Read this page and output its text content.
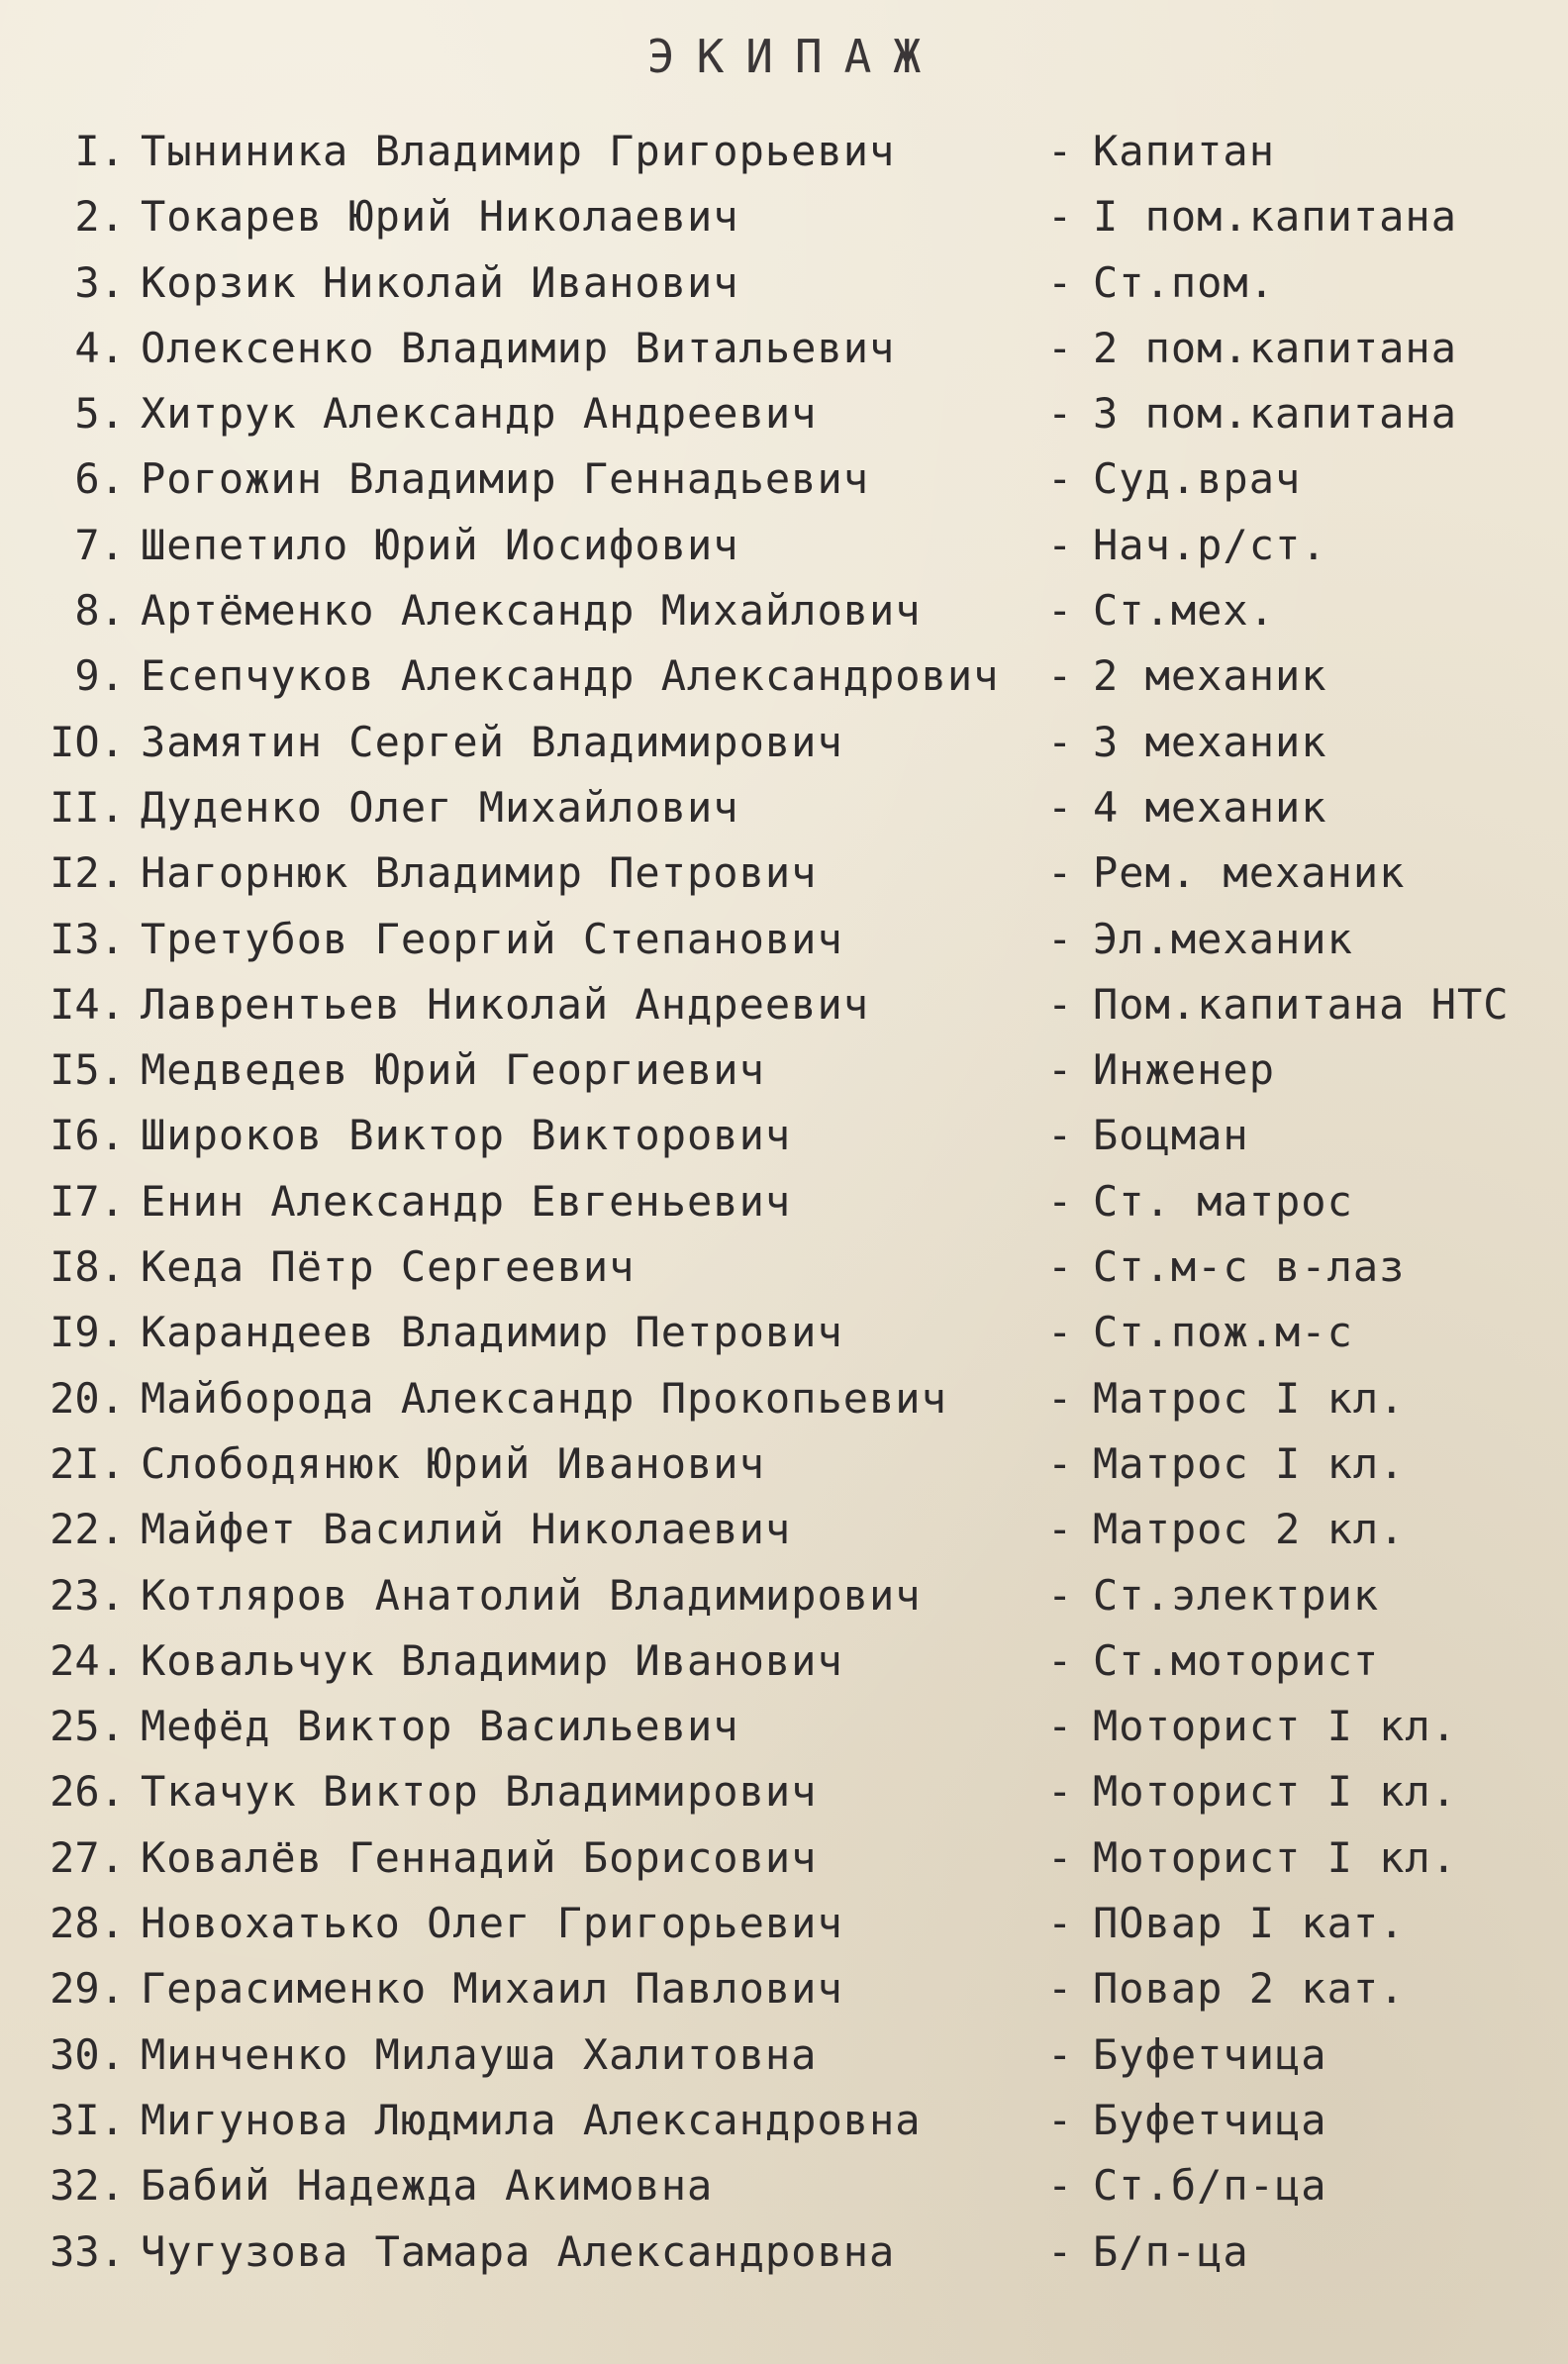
ЭКИПАЖ
I. Тыниника Владимир Григорьевич	- Капитан
2. Токарев Юрий Николаевич	- I пом.капитана
3. Корзик Николай Иванович	- Ст.пом.
4. Олексенко Владимир Витальевич	- 2 пом.капитана
5. Хитрук Александр Андреевич	- 3 пом.капитана
6. Рогожин Владимир Геннадьевич	- Суд.врач
7. Шепетило Юрий Иосифович	- Нач.р/ст.
8. Артёменко Александр Михайлович	- Ст.мех.
9. Есепчуков Александр Александрович - 2 механик
IO. Замятин Сергей Владимирович	- 3 механик
II. Дуденко Олег Михайлович	- 4 механик
I2. Нагорнюк Владимир Петрович	- Рем. механик
I3. Третубов Георгий Степанович	- Эл.механик
I4. Лаврентьев Николай Андреевич	- Пом.капитана НТС
I5. Медведев Юрий Георгиевич	- Инженер
I6. Широков Виктор Викторович	- Боцман
I7. Енин Александр Евгеньевич	- Ст. матрос
I8. Кеда Пётр Сергеевич	- Ст.м-с в-лаз
I9. Карандеев Владимир Петрович	- Ст.пож.м-с
20. Майборода Александр Прокопьевич - Матрос I кл.
2I. Слободянюк Юрий Иванович	- Матрос I кл.
22. Майфет Василий Николаевич	- Матрос 2 кл.
23. Котляров Анатолий Владимирович	- Ст.электрик
24. Ковальчук Владимир Иванович	- Ст.моторист
25. Мефёд Виктор Васильевич	- Моторист I кл.
26. Ткачук Виктор Владимирович	- Моторист I кл.
27. Ковалёв Геннадий Борисович	- Моторист I кл.
28. Новохатько Олег Григорьевич	- ПОвар I кат.
29. Герасименко Михаил Павлович	- Повар 2 кат.
30. Минченко Милауша Халитовна	- Буфетчица
3I. Мигунова Людмила Александровна	- Буфетчица
32. Бабий Надежда Акимовна	- Ст.б/п-ца
33. Чугузова Тамара Александровна	- Б/п-ца
